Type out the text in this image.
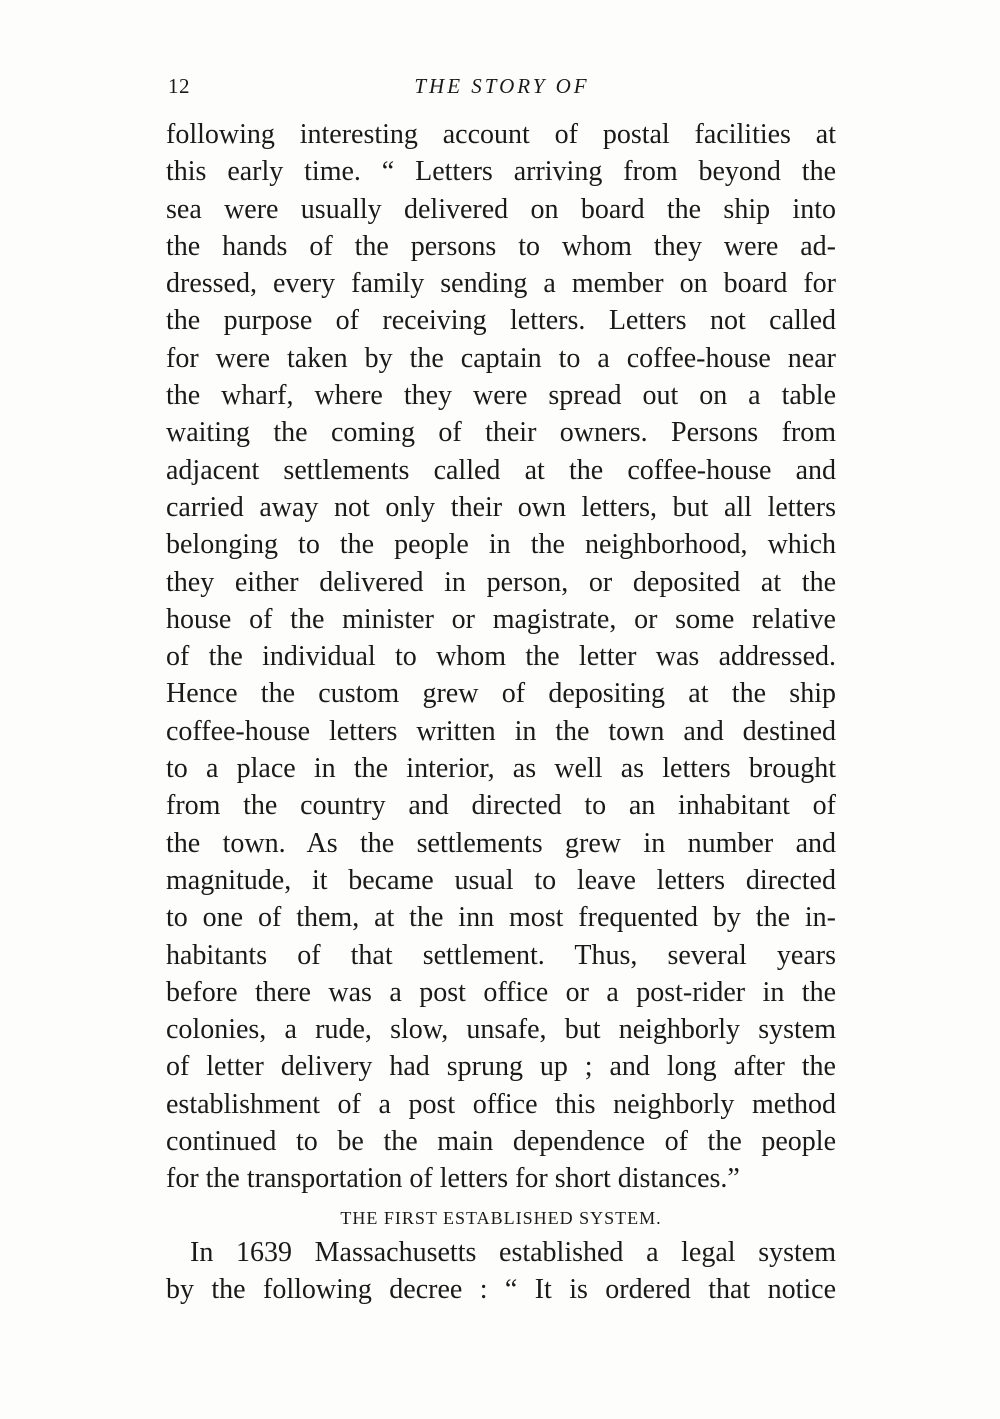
12	THE STORY OF
following interesting account of postal facilities at
this early time. “ Letters arriving from beyond the
sea were usually delivered on board the ship into
the hands of the persons to whom they were ad-
dressed, every family sending a member on board for
the purpose of receiving letters. Letters not called
for were taken by the captain to a coffee-house near
the wharf, where they were spread out on a table
waiting the coming of their owners. Persons from
adjacent settlements called at the coffee-house and
carried away not only their own letters, but all letters
belonging to the people in the neighborhood, which
they either delivered in person, or deposited at the
house of the minister or magistrate, or some relative
of the individual to whom the letter was addressed.
Hence the custom grew of depositing at the ship
coffee-house letters written in the town and destined
to a place in the interior, as well as letters brought
from the country and directed to an inhabitant of
the town. As the settlements grew in number and
magnitude, it became usual to leave letters directed
to one of them, at the inn most frequented by the in-
habitants of that settlement. Thus, several years
before there was a post office or a post-rider in the
colonies, a rude, slow, unsafe, but neighborly system
of letter delivery had sprung up ; and long after the
establishment of a post office this neighborly method
continued to be the main dependence of the people
for the transportation of letters for short distances.”
THE FIRST ESTABLISHED SYSTEM.
In 1639 Massachusetts established a legal system
by the following decree : “ It is ordered that notice
